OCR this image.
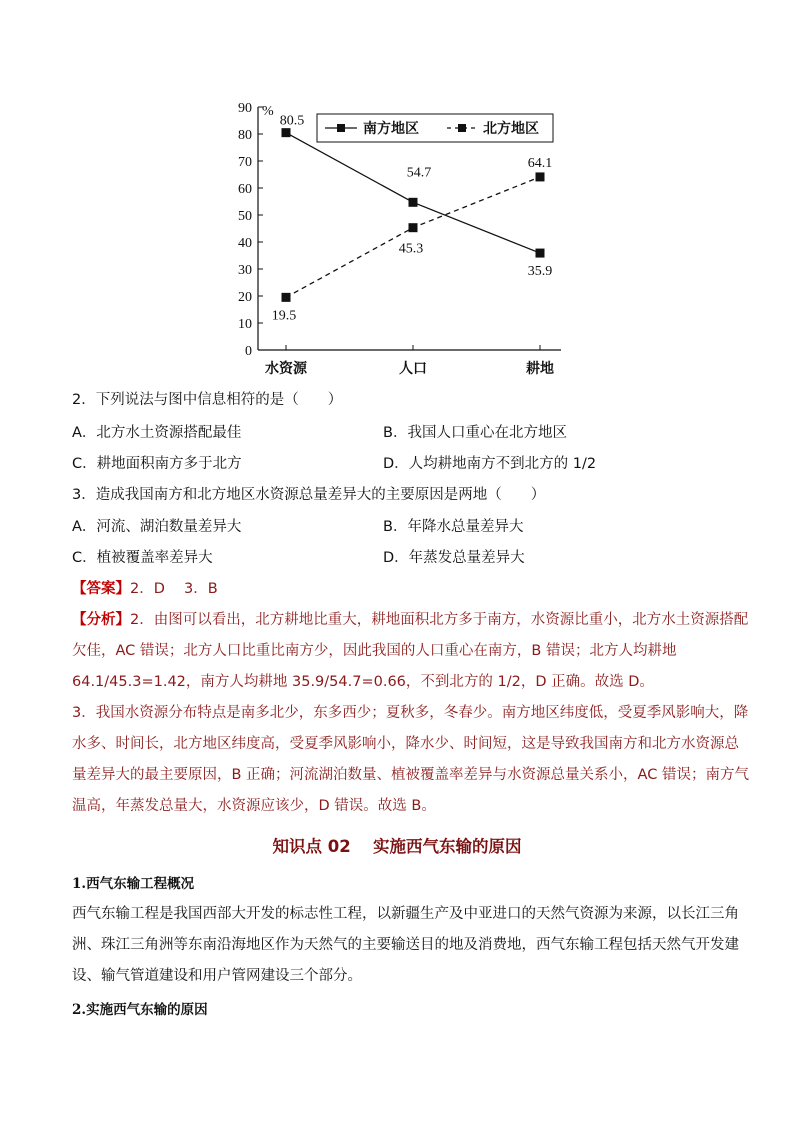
0
10
20
30
40
50
60
70
80
90 %
水资源	人口	耕地
南方地区	北方地区
80.5
54.7
35.9
19.5
45.3
64.1
2．下列说法与图中信息相符的是（　　）
A．北方水土资源搭配最佳	B．我国人口重心在北方地区
C．耕地面积南方多于北方	D．人均耕地南方不到北方的 1/2
3．造成我国南方和北方地区水资源总量差异大的主要原因是两地（　　）
A．河流、湖泊数量差异大	B．年降水总量差异大
C．植被覆盖率差异大	D．年蒸发总量差异大
【答案】2．D　 3．B
【分析】2．由图可以看出，北方耕地比重大，耕地面积北方多于南方，水资源比重小，北方水土资源搭配
欠佳，AC 错误；北方人口比重比南方少，因此我国的人口重心在南方，B 错误；北方人均耕地
64.1/45.3=1.42，南方人均耕地 35.9/54.7=0.66，不到北方的 1/2，D 正确。故选 D。
3．我国水资源分布特点是南多北少，东多西少；夏秋多，冬春少。南方地区纬度低，受夏季风影响大，降
水多、时间长，北方地区纬度高，受夏季风影响小，降水少、时间短，这是导致我国南方和北方水资源总
量差异大的最主要原因，B 正确；河流湖泊数量、植被覆盖率差异与水资源总量关系小，AC 错误；南方气
温高，年蒸发总量大，水资源应该少，D 错误。故选 B。
知识点 02　 实施西气东输的原因
1.西气东输工程概况
西气东输工程是我国西部大开发的标志性工程，以新疆生产及中亚进口的天然气资源为来源，以长江三角
洲、珠江三角洲等东南沿海地区作为天然气的主要输送目的地及消费地，西气东输工程包括天然气开发建
设、输气管道建设和用户管网建设三个部分。
2.实施西气东输的原因
